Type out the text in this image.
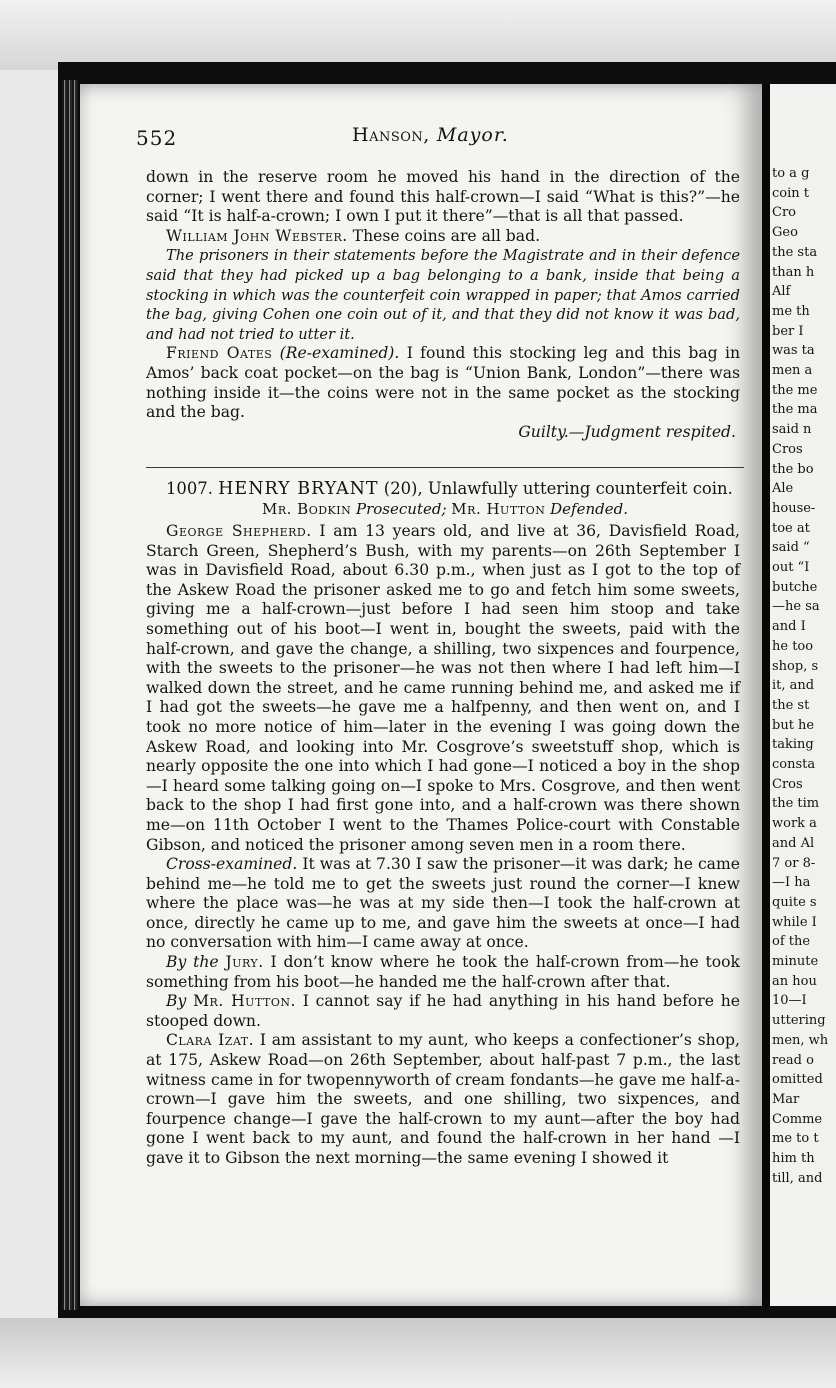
to a g
coin t
Cro
Geo
the sta
than h
Alf
me th
ber I
was ta
men a
the me
the ma
said n
Cros
the bo
Ale
house-
toe at
said “
out “I
butche
—he sa
and I
he too
shop, s
it, and
the st
but he
taking
consta
Cros
the tim
work a
and Al
7 or 8-
—I ha
quite s
while I
of the
minute
an hou
10—I
uttering
men, wh
read o
omitted
Mar
Comme
me to t
him th
till, and
552	Hanson, Mayor.

down in the reserve room he moved his hand in the direction of the corner; I went there and found this half-crown—I said “What is this?”—he said “It is half-a-crown; I own I put it there”—that is all that passed.

William John Webster. These coins are all bad.

The prisoners in their statements before the Magistrate and in their defence said that they had picked up a bag belonging to a bank, inside that being a stocking in which was the counterfeit coin wrapped in paper; that Amos carried the bag, giving Cohen one coin out of it, and that they did not know it was bad, and had not tried to utter it.

Friend Oates (Re-examined). I found this stocking leg and this bag in Amos’ back coat pocket—on the bag is “Union Bank, London”—there was nothing inside it—the coins were not in the same pocket as the stocking and the bag.

Guilty.—Judgment respited.

1007. HENRY BRYANT (20), Unlawfully uttering counterfeit coin.

Mr. Bodkin Prosecuted; Mr. Hutton Defended.

George Shepherd. I am 13 years old, and live at 36, Davisfield Road, Starch Green, Shepherd’s Bush, with my parents—on 26th September I was in Davisfield Road, about 6.30 p.m., when just as I got to the top of the Askew Road the prisoner asked me to go and fetch him some sweets, giving me a half-crown—just before I had seen him stoop and take something out of his boot—I went in, bought the sweets, paid with the half-crown, and gave the change, a shilling, two sixpences and fourpence, with the sweets to the prisoner—he was not then where I had left him—I walked down the street, and he came running behind me, and asked me if I had got the sweets—he gave me a halfpenny, and then went on, and I took no more notice of him—later in the evening I was going down the Askew Road, and looking into Mr. Cosgrove’s sweetstuff shop, which is nearly opposite the one into which I had gone—I noticed a boy in the shop—I heard some talking going on—I spoke to Mrs. Cosgrove, and then went back to the shop I had first gone into, and a half-crown was there shown me—on 11th October I went to the Thames Police-court with Constable Gibson, and noticed the prisoner among seven men in a room there.

Cross-examined. It was at 7.30 I saw the prisoner—it was dark; he came behind me—he told me to get the sweets just round the corner—I knew where the place was—he was at my side then—I took the half-crown at once, directly he came up to me, and gave him the sweets at once—I had no conversation with him—I came away at once.

By the Jury. I don’t know where he took the half-crown from—he took something from his boot—he handed me the half-crown after that.

By Mr. Hutton. I cannot say if he had anything in his hand before he stooped down.

Clara Izat. I am assistant to my aunt, who keeps a confectioner’s shop, at 175, Askew Road—on 26th September, about half-past 7 p.m., the last witness came in for twopennyworth of cream fondants—he gave me half-a-crown—I gave him the sweets, and one shilling, two sixpences, and fourpence change—I gave the half-crown to my aunt—after the boy had gone I went back to my aunt, and found the half-crown in her hand —I gave it to Gibson the next morning—the same evening I showed it
